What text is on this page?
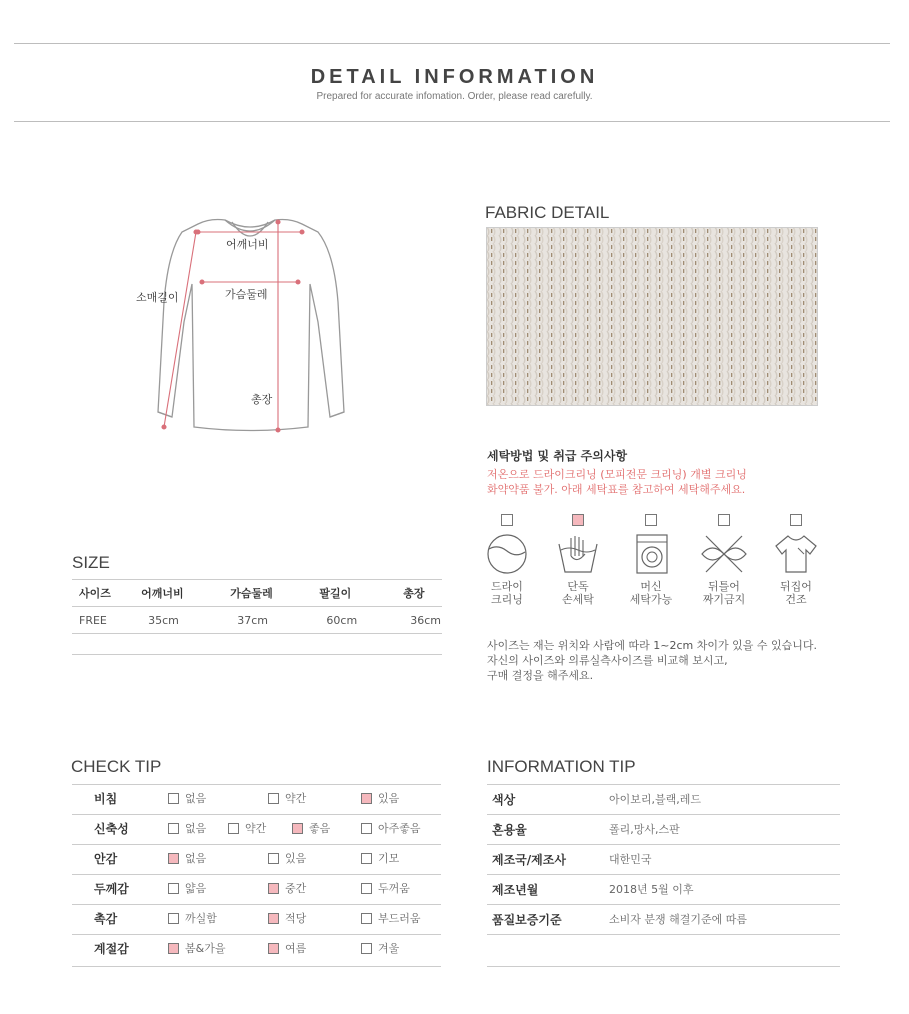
DETAIL INFORMATION
Prepared for accurate infomation. Order, please read carefully.
어깨너비
소매길이	가슴둘레
총장
FABRIC DETAIL
세탁방법 및 취급 주의사항
저온으로 드라이크리닝 (모피전문 크리닝) 개별 크리닝
화약약품 불가. 아래 세탁표를 참고하여 세탁해주세요.
드라이
크리닝
단독
손세탁
머신
세탁가능
뒤틀어
짜기금지
뒤집어
건조
사이즈는 재는 위치와 사람에 따라 1~2cm 차이가 있을 수 있습니다.
자신의 사이즈와 의류실측사이즈를 비교해 보시고,
구매 결정을 해주세요.
SIZE
사이즈	어깨너비	가슴둘레	팔길이	총장
FREE	35cm	37cm	60cm	36cm
CHECK TIP
비침	없음	약간	있음
신축성	없음	약간	좋음	아주좋음
안감	없음	있음	기모
두께감	얇음	중간	두꺼움
촉감	까실함	적당	부드러움
계절감	봄&가을	여름	겨울
INFORMATION TIP
색상	아이보리,블랙,레드
혼용율	폴리,망사,스판
제조국/제조사	대한민국
제조년월	2018년 5월 이후
품질보증기준	소비자 분쟁 해결기준에 따름
